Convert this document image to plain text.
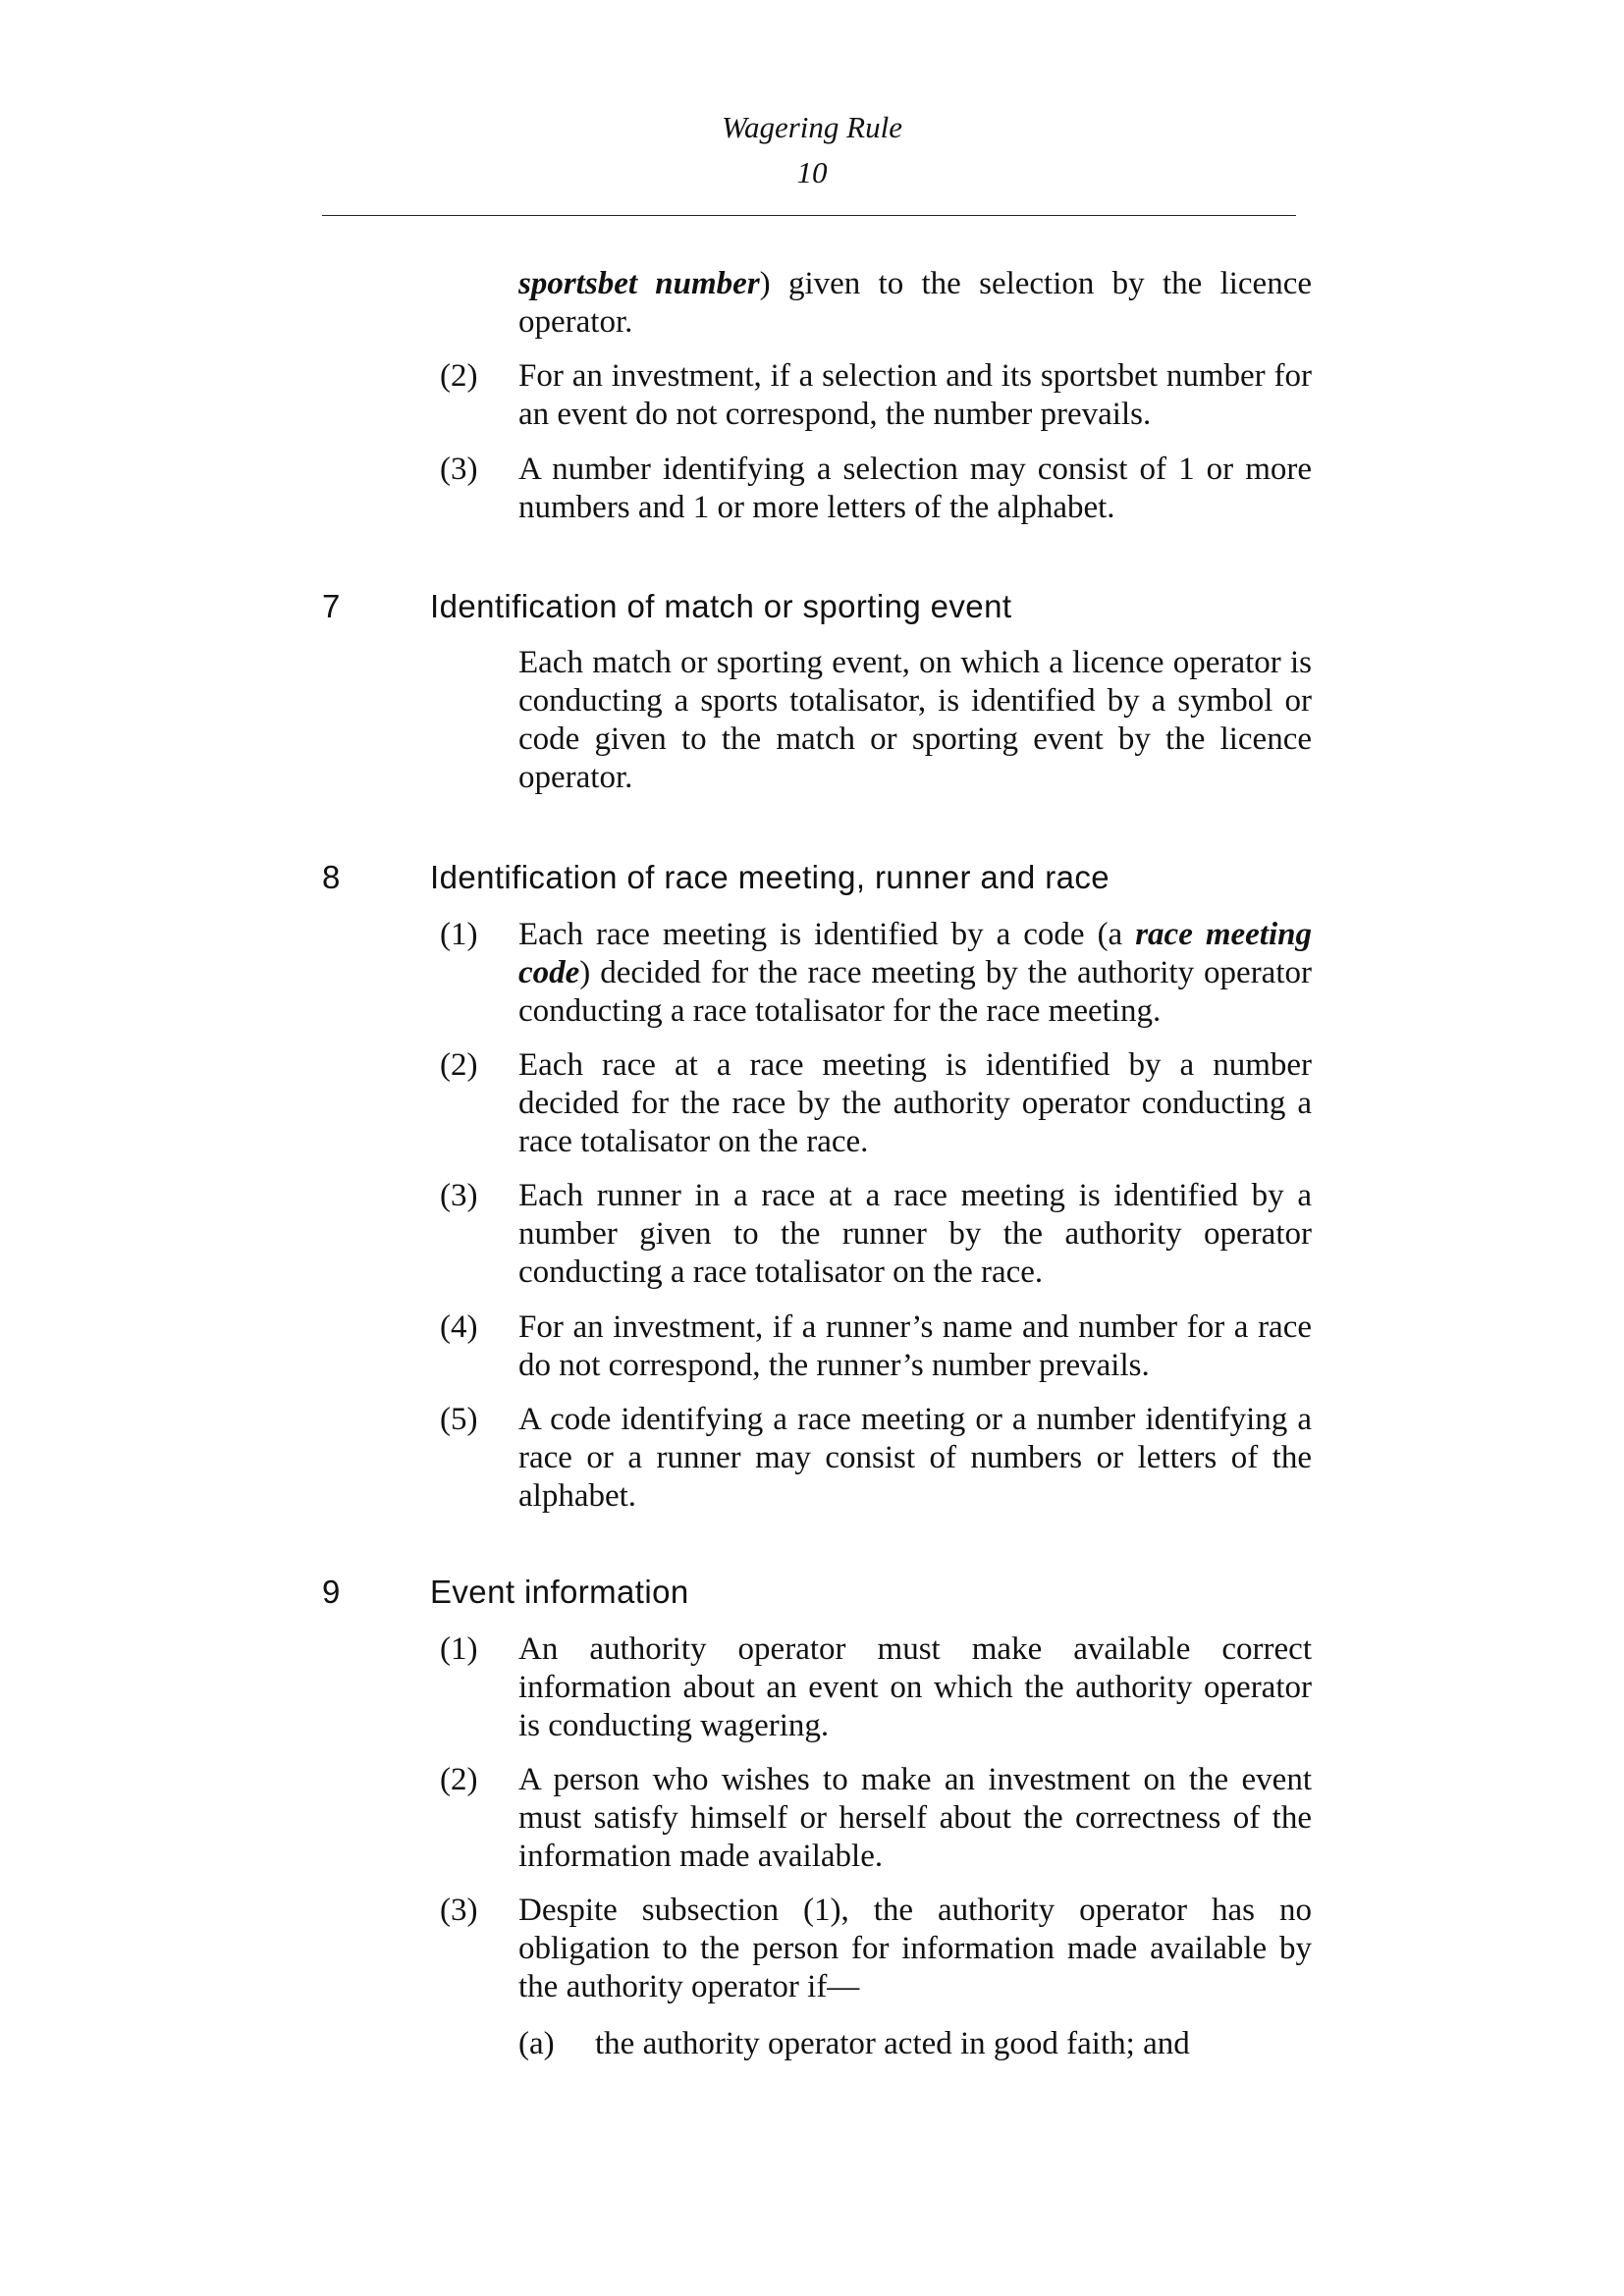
Wagering Rule
10
sportsbet number) given to the selection by the licence operator.
(2) For an investment, if a selection and its sportsbet number for an event do not correspond, the number prevails.
(3) A number identifying a selection may consist of 1 or more numbers and 1 or more letters of the alphabet.
7	Identification of match or sporting event
Each match or sporting event, on which a licence operator is conducting a sports totalisator, is identified by a symbol or code given to the match or sporting event by the licence operator.
8	Identification of race meeting, runner and race
(1) Each race meeting is identified by a code (a race meeting code) decided for the race meeting by the authority operator conducting a race totalisator for the race meeting.
(2) Each race at a race meeting is identified by a number decided for the race by the authority operator conducting a race totalisator on the race.
(3) Each runner in a race at a race meeting is identified by a number given to the runner by the authority operator conducting a race totalisator on the race.
(4) For an investment, if a runner’s name and number for a race do not correspond, the runner’s number prevails.
(5) A code identifying a race meeting or a number identifying a race or a runner may consist of numbers or letters of the alphabet.
9	Event information
(1) An authority operator must make available correct information about an event on which the authority operator is conducting wagering.
(2) A person who wishes to make an investment on the event must satisfy himself or herself about the correctness of the information made available.
(3) Despite subsection (1), the authority operator has no obligation to the person for information made available by the authority operator if—
(a) the authority operator acted in good faith; and
